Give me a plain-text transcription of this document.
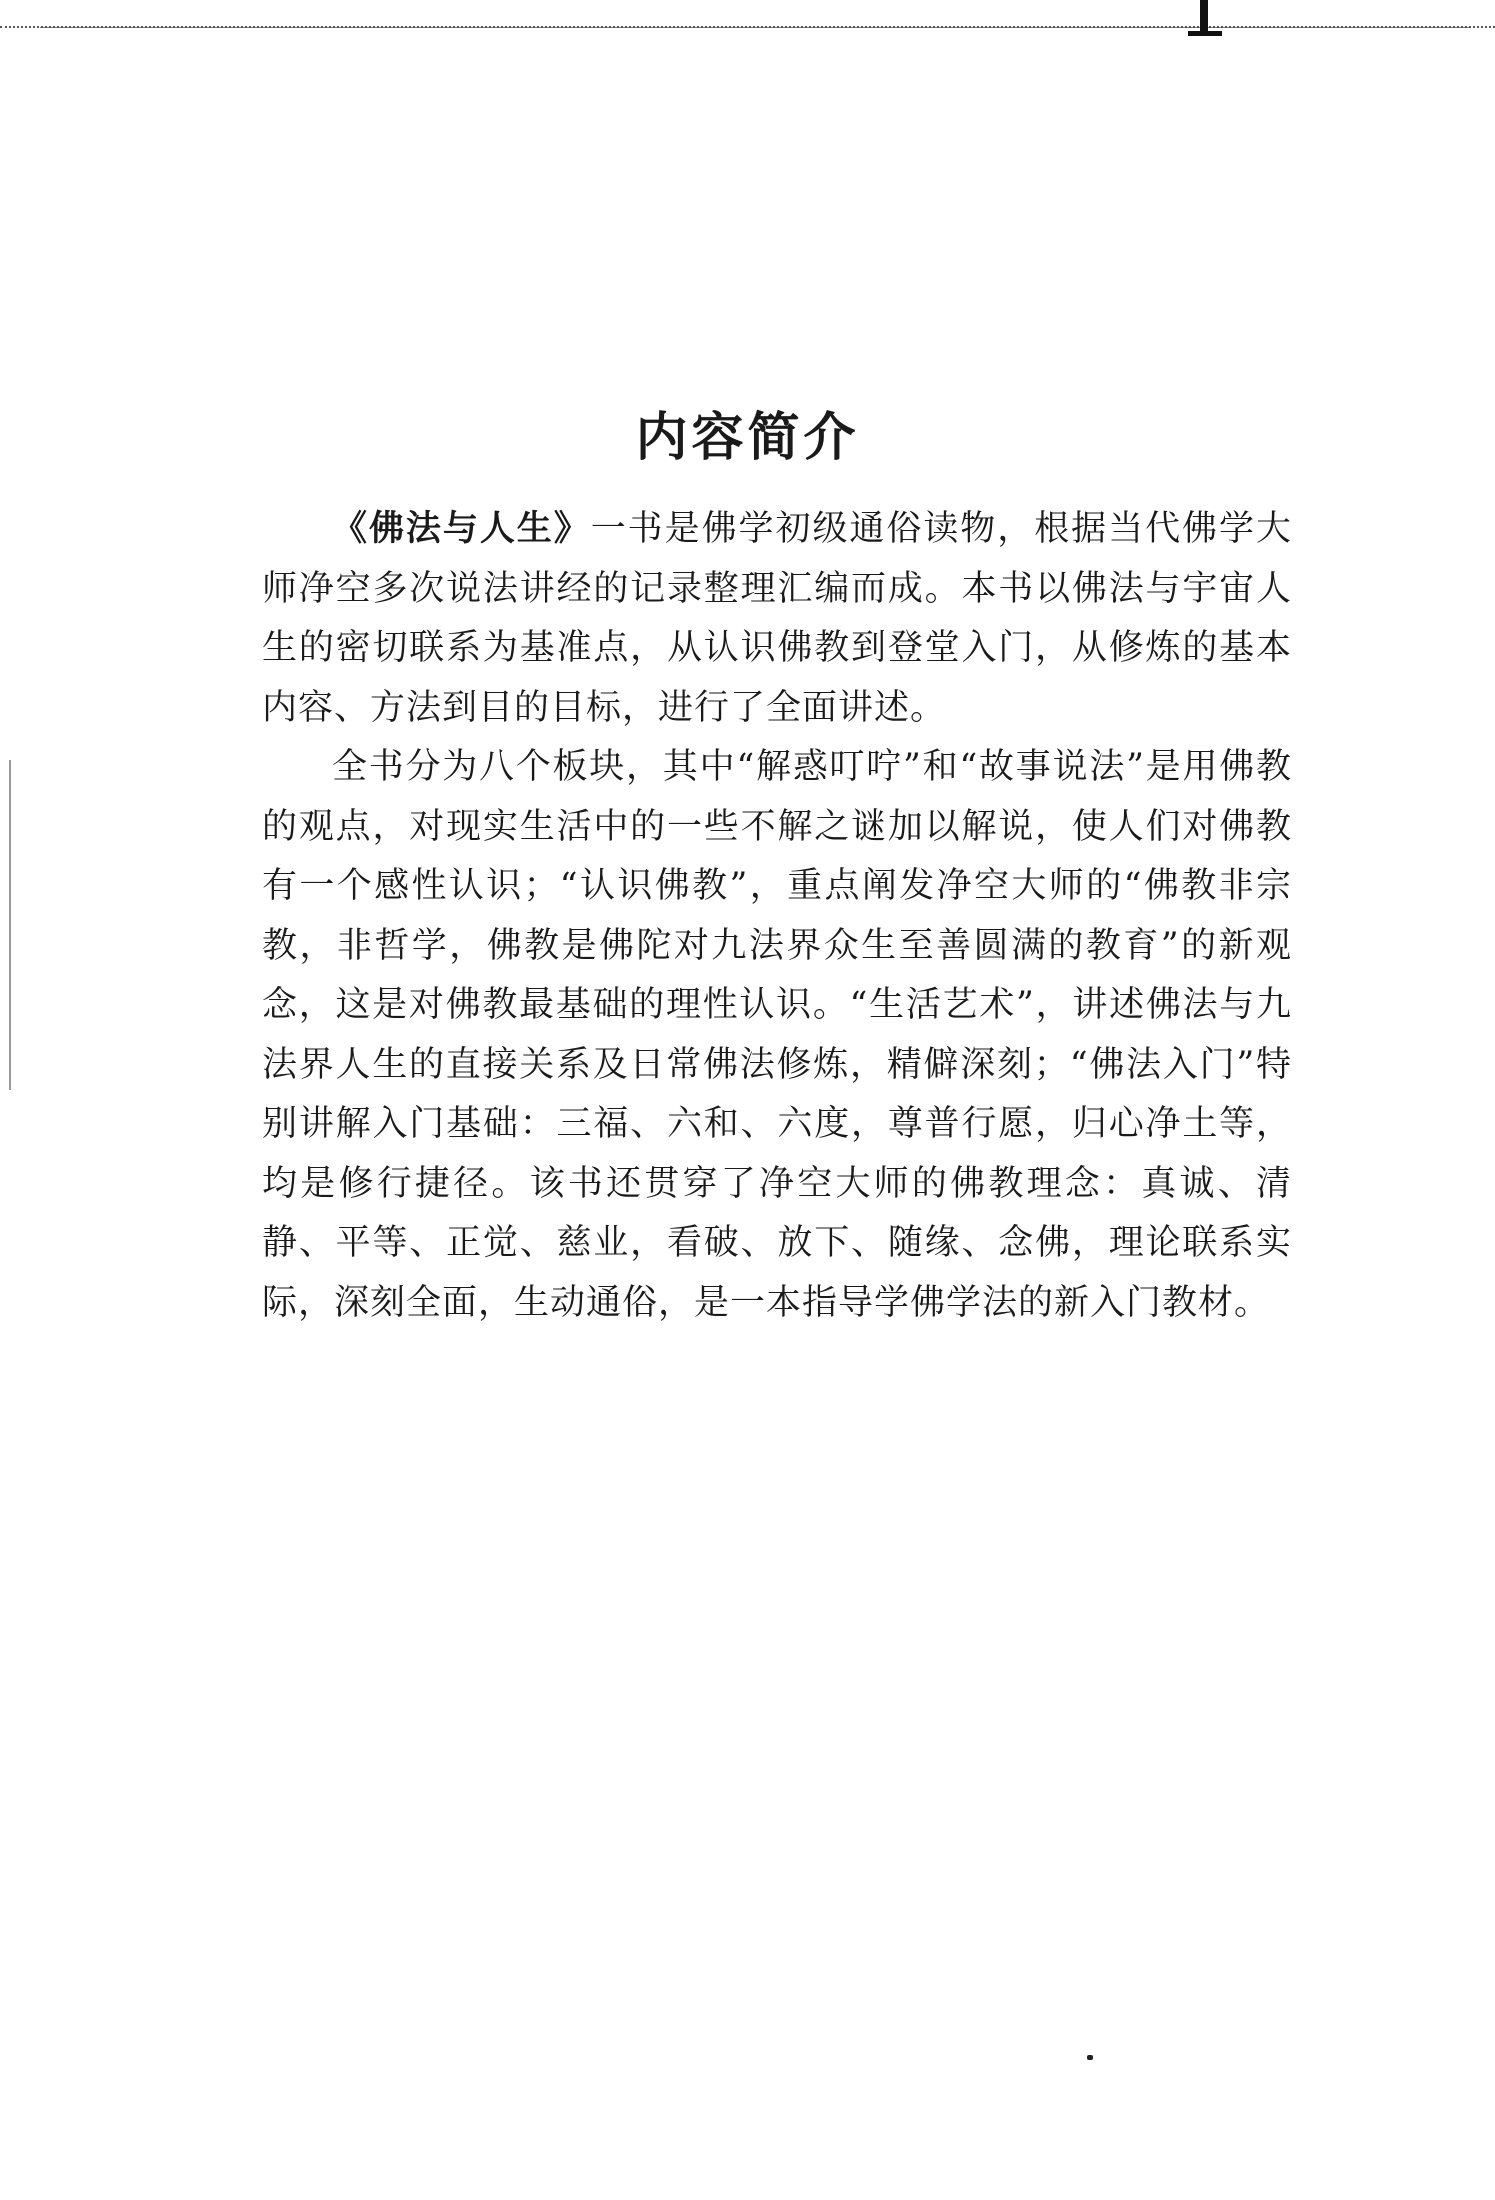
内容简介

《佛法与人生》一书是佛学初级通俗读物，根据当代佛学大师净空多次说法讲经的记录整理汇编而成。本书以佛法与宇宙人生的密切联系为基准点，从认识佛教到登堂入门，从修炼的基本内容、方法到目的目标，进行了全面讲述。

全书分为八个板块，其中“解惑叮咛”和“故事说法”是用佛教的观点，对现实生活中的一些不解之谜加以解说，使人们对佛教有一个感性认识；“认识佛教”，重点阐发净空大师的“佛教非宗教，非哲学，佛教是佛陀对九法界众生至善圆满的教育”的新观念，这是对佛教最基础的理性认识。“生活艺术”，讲述佛法与九法界人生的直接关系及日常佛法修炼，精僻深刻；“佛法入门”特别讲解入门基础：三福、六和、六度，尊普行愿，归心净土等，均是修行捷径。该书还贯穿了净空大师的佛教理念：真诚、清静、平等、正觉、慈业，看破、放下、随缘、念佛，理论联系实际，深刻全面，生动通俗，是一本指导学佛学法的新入门教材。
